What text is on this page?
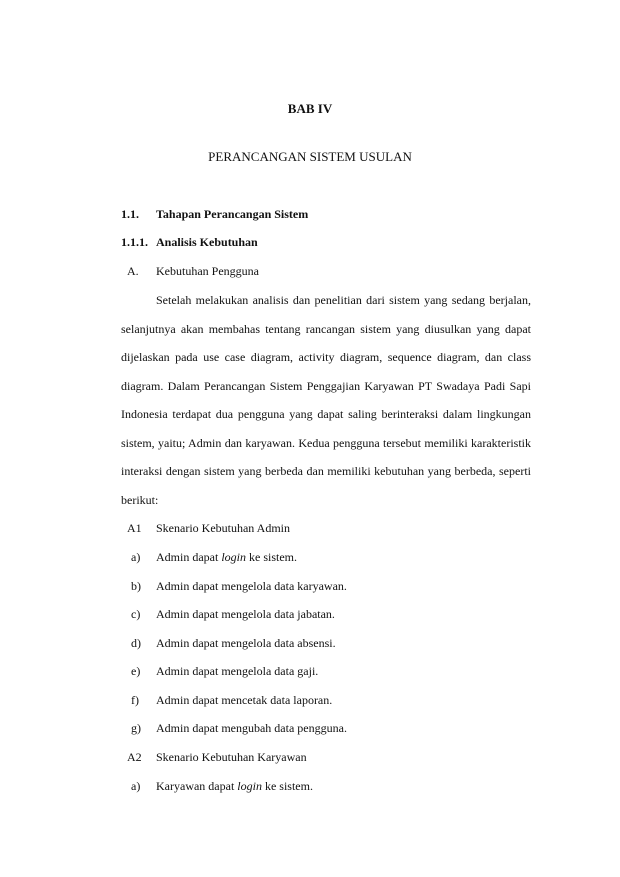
BAB IV
PERANCANGAN SISTEM USULAN
1.1. Tahapan Perancangan Sistem
1.1.1. Analisis Kebutuhan
A. Kebutuhan Pengguna
Setelah melakukan analisis dan penelitian dari sistem yang sedang berjalan,
selanjutnya akan membahas tentang rancangan sistem yang diusulkan yang dapat
dijelaskan pada use case diagram, activity diagram, sequence diagram, dan class
diagram. Dalam Perancangan Sistem Penggajian Karyawan PT Swadaya Padi Sapi
Indonesia terdapat dua pengguna yang dapat saling berinteraksi dalam lingkungan
sistem, yaitu; Admin dan karyawan. Kedua pengguna tersebut memiliki karakteristik
interaksi dengan sistem yang berbeda dan memiliki kebutuhan yang berbeda, seperti
berikut:
A1 Skenario Kebutuhan Admin
a) Admin dapat login ke sistem.
b) Admin dapat mengelola data karyawan.
c) Admin dapat mengelola data jabatan.
d) Admin dapat mengelola data absensi.
e) Admin dapat mengelola data gaji.
f) Admin dapat mencetak data laporan.
g) Admin dapat mengubah data pengguna.
A2 Skenario Kebutuhan Karyawan
a) Karyawan dapat login ke sistem.
